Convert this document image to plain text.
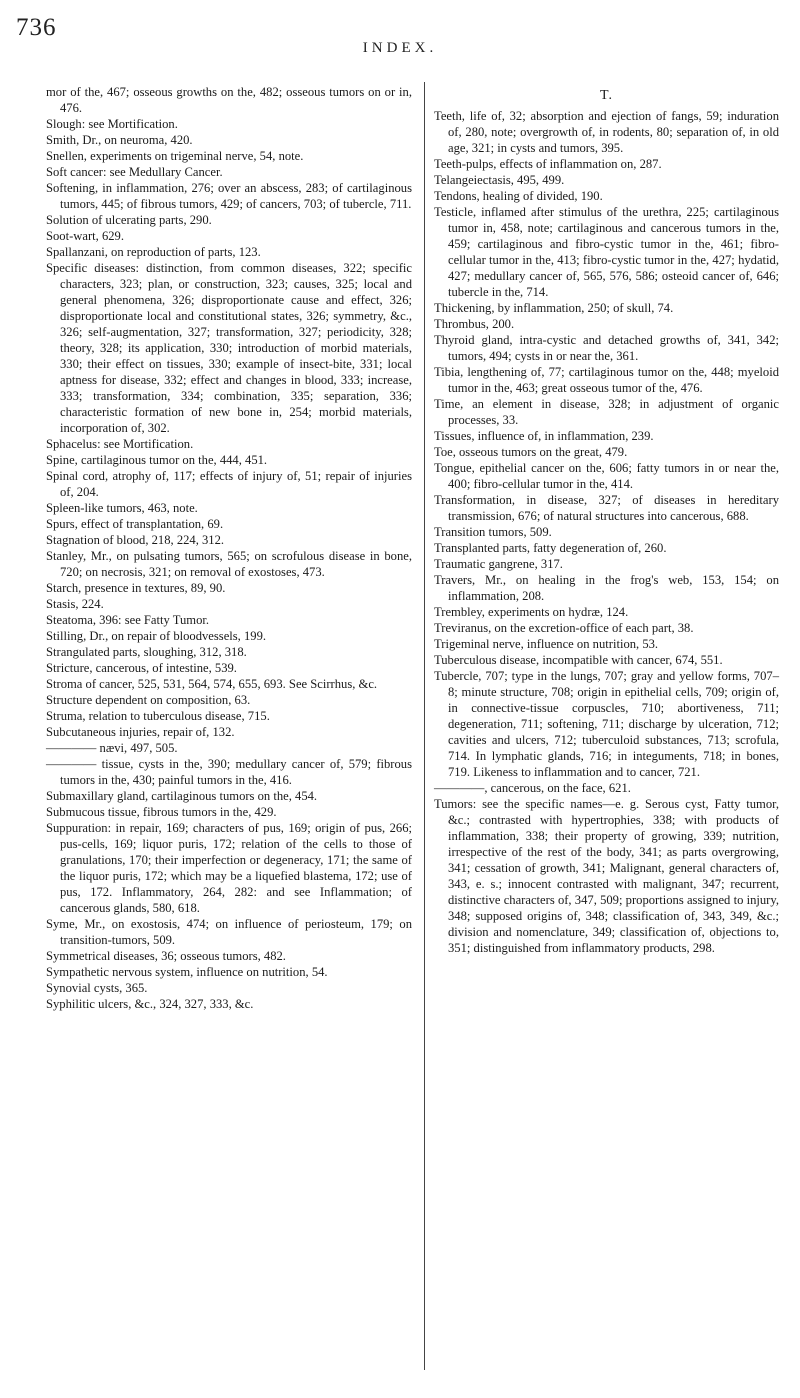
736
INDEX.

mor of the, 467; osseous growths on the, 482; osseous tumors on or in, 476.

Slough: see Mortification.

Smith, Dr., on neuroma, 420.

Snellen, experiments on trigeminal nerve, 54, note.

Soft cancer: see Medullary Cancer.

Softening, in inflammation, 276; over an abscess, 283; of cartilaginous tumors, 445; of fibrous tumors, 429; of cancers, 703; of tubercle, 711.

Solution of ulcerating parts, 290.

Soot-wart, 629.

Spallanzani, on reproduction of parts, 123.

Specific diseases: distinction, from common diseases, 322; specific characters, 323; plan, or construction, 323; causes, 325; local and general phenomena, 326; disproportionate cause and effect, 326; disproportionate local and constitutional states, 326; symmetry, &c., 326; self-augmentation, 327; transformation, 327; periodicity, 328; theory, 328; its application, 330; introduction of morbid materials, 330; their effect on tissues, 330; example of insect-bite, 331; local aptness for disease, 332; effect and changes in blood, 333; increase, 333; transformation, 334; combination, 335; separation, 336; characteristic formation of new bone in, 254; morbid materials, incorporation of, 302.

Sphacelus: see Mortification.

Spine, cartilaginous tumor on the, 444, 451.

Spinal cord, atrophy of, 117; effects of injury of, 51; repair of injuries of, 204.

Spleen-like tumors, 463, note.

Spurs, effect of transplantation, 69.

Stagnation of blood, 218, 224, 312.

Stanley, Mr., on pulsating tumors, 565; on scrofulous disease in bone, 720; on necrosis, 321; on removal of exostoses, 473.

Starch, presence in textures, 89, 90.

Stasis, 224.

Steatoma, 396: see Fatty Tumor.

Stilling, Dr., on repair of bloodvessels, 199.

Strangulated parts, sloughing, 312, 318.

Stricture, cancerous, of intestine, 539.

Stroma of cancer, 525, 531, 564, 574, 655, 693. See Scirrhus, &c.

Structure dependent on composition, 63.

Struma, relation to tuberculous disease, 715.

Subcutaneous injuries, repair of, 132.

———— nævi, 497, 505.

———— tissue, cysts in the, 390; medullary cancer of, 579; fibrous tumors in the, 430; painful tumors in the, 416.

Submaxillary gland, cartilaginous tumors on the, 454.

Submucous tissue, fibrous tumors in the, 429.

Suppuration: in repair, 169; characters of pus, 169; origin of pus, 266; pus-cells, 169; liquor puris, 172; relation of the cells to those of granulations, 170; their imperfection or degeneracy, 171; the same of the liquor puris, 172; which may be a liquefied blastema, 172; use of pus, 172. Inflammatory, 264, 282: and see Inflammation; of cancerous glands, 580, 618.

Syme, Mr., on exostosis, 474; on influence of periosteum, 179; on transition-tumors, 509.

Symmetrical diseases, 36; osseous tumors, 482.

Sympathetic nervous system, influence on nutrition, 54.

Synovial cysts, 365.

Syphilitic ulcers, &c., 324, 327, 333, &c.

T.

Teeth, life of, 32; absorption and ejection of fangs, 59; induration of, 280, note; overgrowth of, in rodents, 80; separation of, in old age, 321; in cysts and tumors, 395.

Teeth-pulps, effects of inflammation on, 287.

Telangeiectasis, 495, 499.

Tendons, healing of divided, 190.

Testicle, inflamed after stimulus of the urethra, 225; cartilaginous tumor in, 458, note; cartilaginous and cancerous tumors in the, 459; cartilaginous and fibro-cystic tumor in the, 461; fibro-cellular tumor in the, 413; fibro-cystic tumor in the, 427; hydatid, 427; medullary cancer of, 565, 576, 586; osteoid cancer of, 646; tubercle in the, 714.

Thickening, by inflammation, 250; of skull, 74.

Thrombus, 200.

Thyroid gland, intra-cystic and detached growths of, 341, 342; tumors, 494; cysts in or near the, 361.

Tibia, lengthening of, 77; cartilaginous tumor on the, 448; myeloid tumor in the, 463; great osseous tumor of the, 476.

Time, an element in disease, 328; in adjustment of organic processes, 33.

Tissues, influence of, in inflammation, 239.

Toe, osseous tumors on the great, 479.

Tongue, epithelial cancer on the, 606; fatty tumors in or near the, 400; fibro-cellular tumor in the, 414.

Transformation, in disease, 327; of diseases in hereditary transmission, 676; of natural structures into cancerous, 688.

Transition tumors, 509.

Transplanted parts, fatty degeneration of, 260.

Traumatic gangrene, 317.

Travers, Mr., on healing in the frog's web, 153, 154; on inflammation, 208.

Trembley, experiments on hydræ, 124.

Treviranus, on the excretion-office of each part, 38.

Trigeminal nerve, influence on nutrition, 53.

Tuberculous disease, incompatible with cancer, 674, 551.

Tubercle, 707; type in the lungs, 707; gray and yellow forms, 707–8; minute structure, 708; origin in epithelial cells, 709; origin of, in connective-tissue corpuscles, 710; abortiveness, 711; degeneration, 711; softening, 711; discharge by ulceration, 712; cavities and ulcers, 712; tuberculoid substances, 713; scrofula, 714. In lymphatic glands, 716; in integuments, 718; in bones, 719. Likeness to inflammation and to cancer, 721.

————, cancerous, on the face, 621.

Tumors: see the specific names—e. g. Serous cyst, Fatty tumor, &c.; contrasted with hypertrophies, 338; with products of inflammation, 338; their property of growing, 339; nutrition, irrespective of the rest of the body, 341; as parts overgrowing, 341; cessation of growth, 341; Malignant, general characters of, 343, e. s.; innocent contrasted with malignant, 347; recurrent, distinctive characters of, 347, 509; proportions assigned to injury, 348; supposed origins of, 348; classification of, 343, 349, &c.; division and nomenclature, 349; classification of, objections to, 351; distinguished from inflammatory products, 298.
